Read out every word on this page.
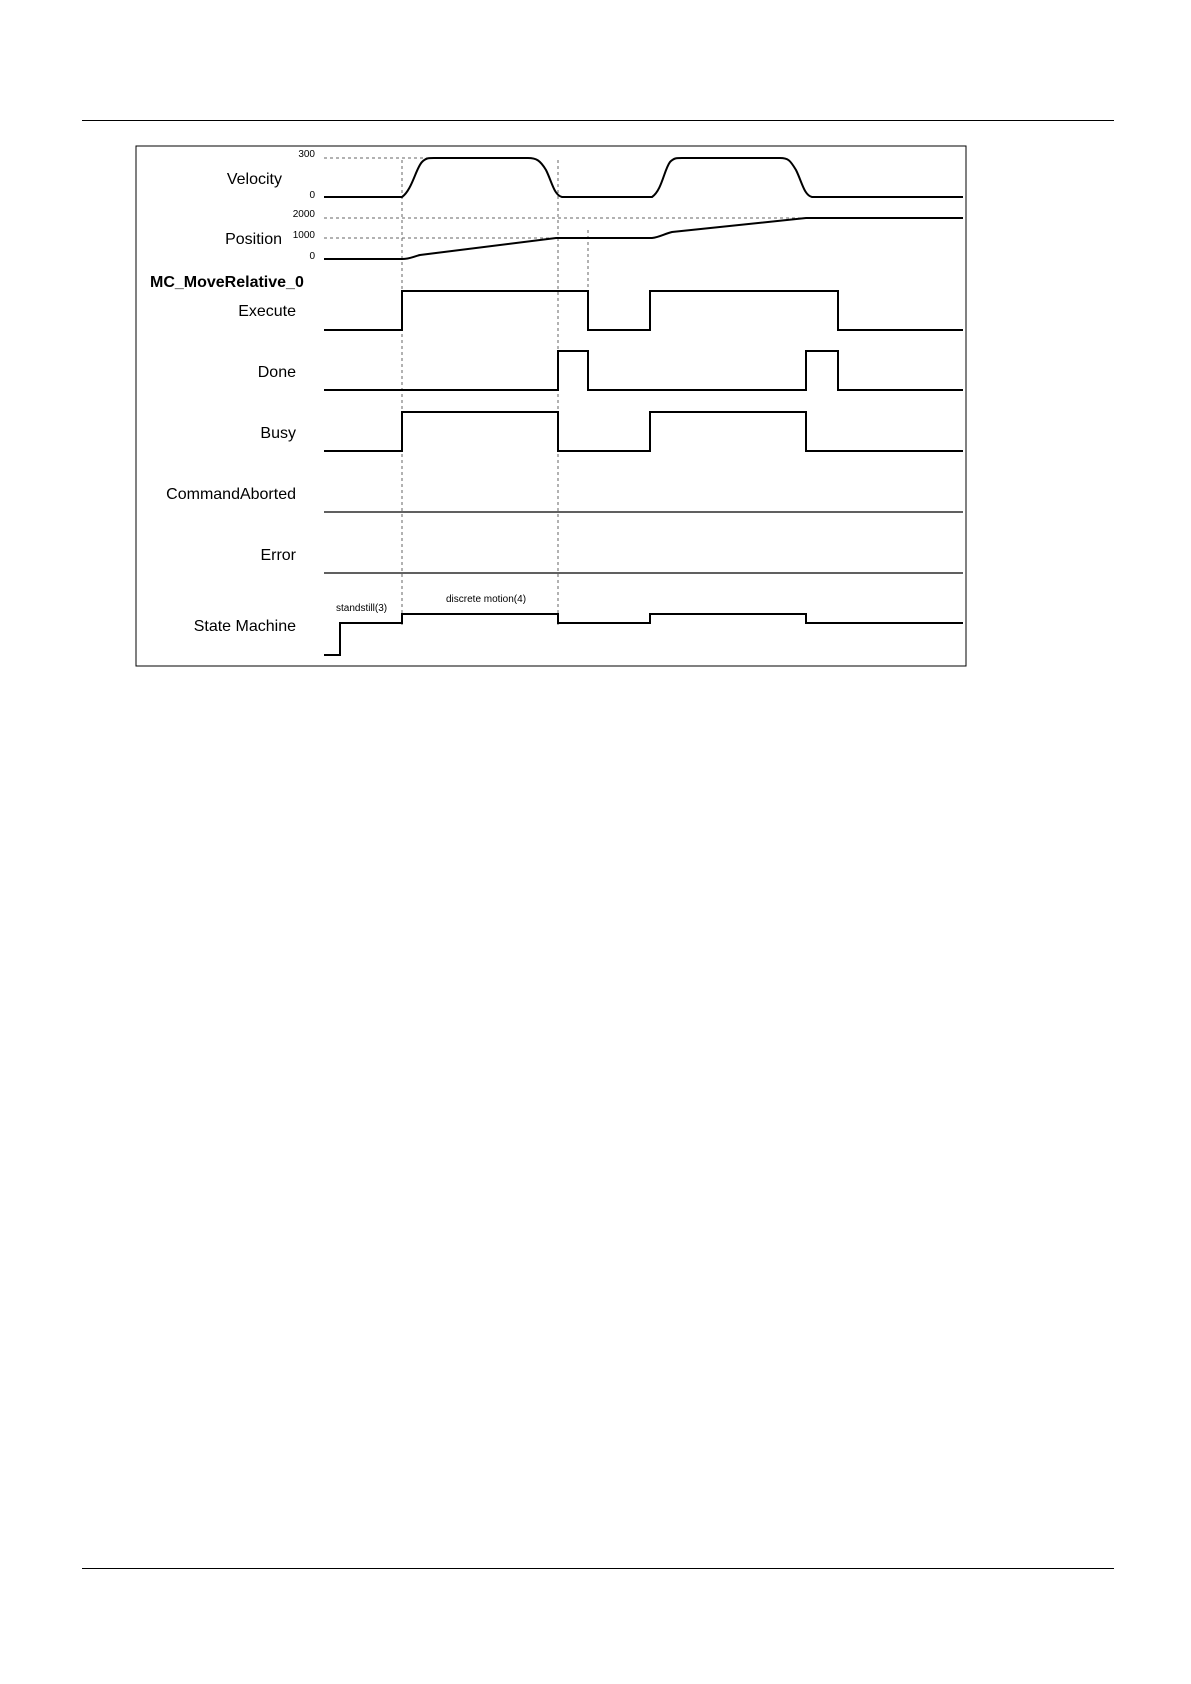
Velocity
300
0
Position
2000
1000
0
MC_MoveRelative_0
Execute
Done
Busy
CommandAborted
Error
State Machine
standstill(3)
discrete motion(4)
